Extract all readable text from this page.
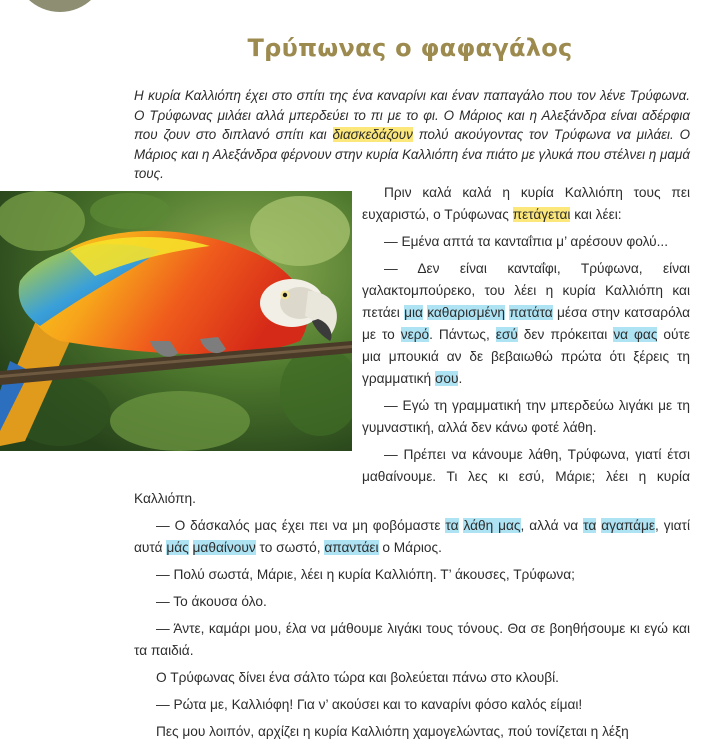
Τρύπωνας ο φαφαγάλος

Η κυρία Καλλιόπη έχει στο σπίτι της ένα καναρίνι και έναν παπαγάλο που τον λένε Τρύφωνα. Ο Τρύφωνας μιλάει αλλά μπερδεύει το πι με το φι. Ο Μάριος και η Αλεξάνδρα είναι αδέρφια που ζουν στο διπλανό σπίτι και διασκεδάζουν πολύ ακούγοντας τον Τρύφωνα να μιλάει. Ο Μάριος και η Αλεξάνδρα φέρνουν στην κυρία Καλλιόπη ένα πιάτο με γλυκά που στέλνει η μαμά τους.

Πριν καλά καλά η κυρία Καλλιόπη τους πει ευχαριστώ, ο Τρύφωνας πετάγεται και λέει:

— Εμένα απτά τα κανταΐπια μ’ αρέσουν φολύ...

— Δεν είναι κανταΐφι, Τρύφωνα, είναι γαλακτομπούρεκο, του λέει η κυρία Καλλιόπη και πετάει μια καθαρισμένη πατάτα μέσα στην κατσαρόλα με το νερό. Πάντως, εσύ δεν πρόκειται να φας ούτε μια μπουκιά αν δε βεβαιωθώ πρώτα ότι ξέρεις τη γραμματική σου.

— Εγώ τη γραμματική την μπερδεύω λιγάκι με τη γυμναστική, αλλά δεν κάνω φοτέ λάθη.

— Πρέπει να κάνουμε λάθη, Τρύφωνα, γιατί έτσι μαθαίνουμε. Τι λες κι εσύ, Μάριε; λέει η κυρία Καλλιόπη.

— Ο δάσκαλός μας έχει πει να μη φοβόμαστε τα λάθη μας, αλλά να τα αγαπάμε, γιατί αυτά μάς μαθαίνουν το σωστό, απαντάει ο Μάριος.

— Πολύ σωστά, Μάριε, λέει η κυρία Καλλιόπη. Τ’ άκουσες, Τρύφωνα;

— Το άκουσα όλο.

— Άντε, καμάρι μου, έλα να μάθουμε λιγάκι τους τόνους. Θα σε βοηθήσουμε κι εγώ και τα παιδιά.

Ο Τρύφωνας δίνει ένα σάλτο τώρα και βολεύεται πάνω στο κλουβί.

— Ρώτα με, Καλλιόφη! Για ν’ ακούσει και το καναρίνι φόσο καλός είμαι!

Πες μου λοιπόν, αρχίζει η κυρία Καλλιόπη χαμογελώντας, πού τονίζεται η λέξη
